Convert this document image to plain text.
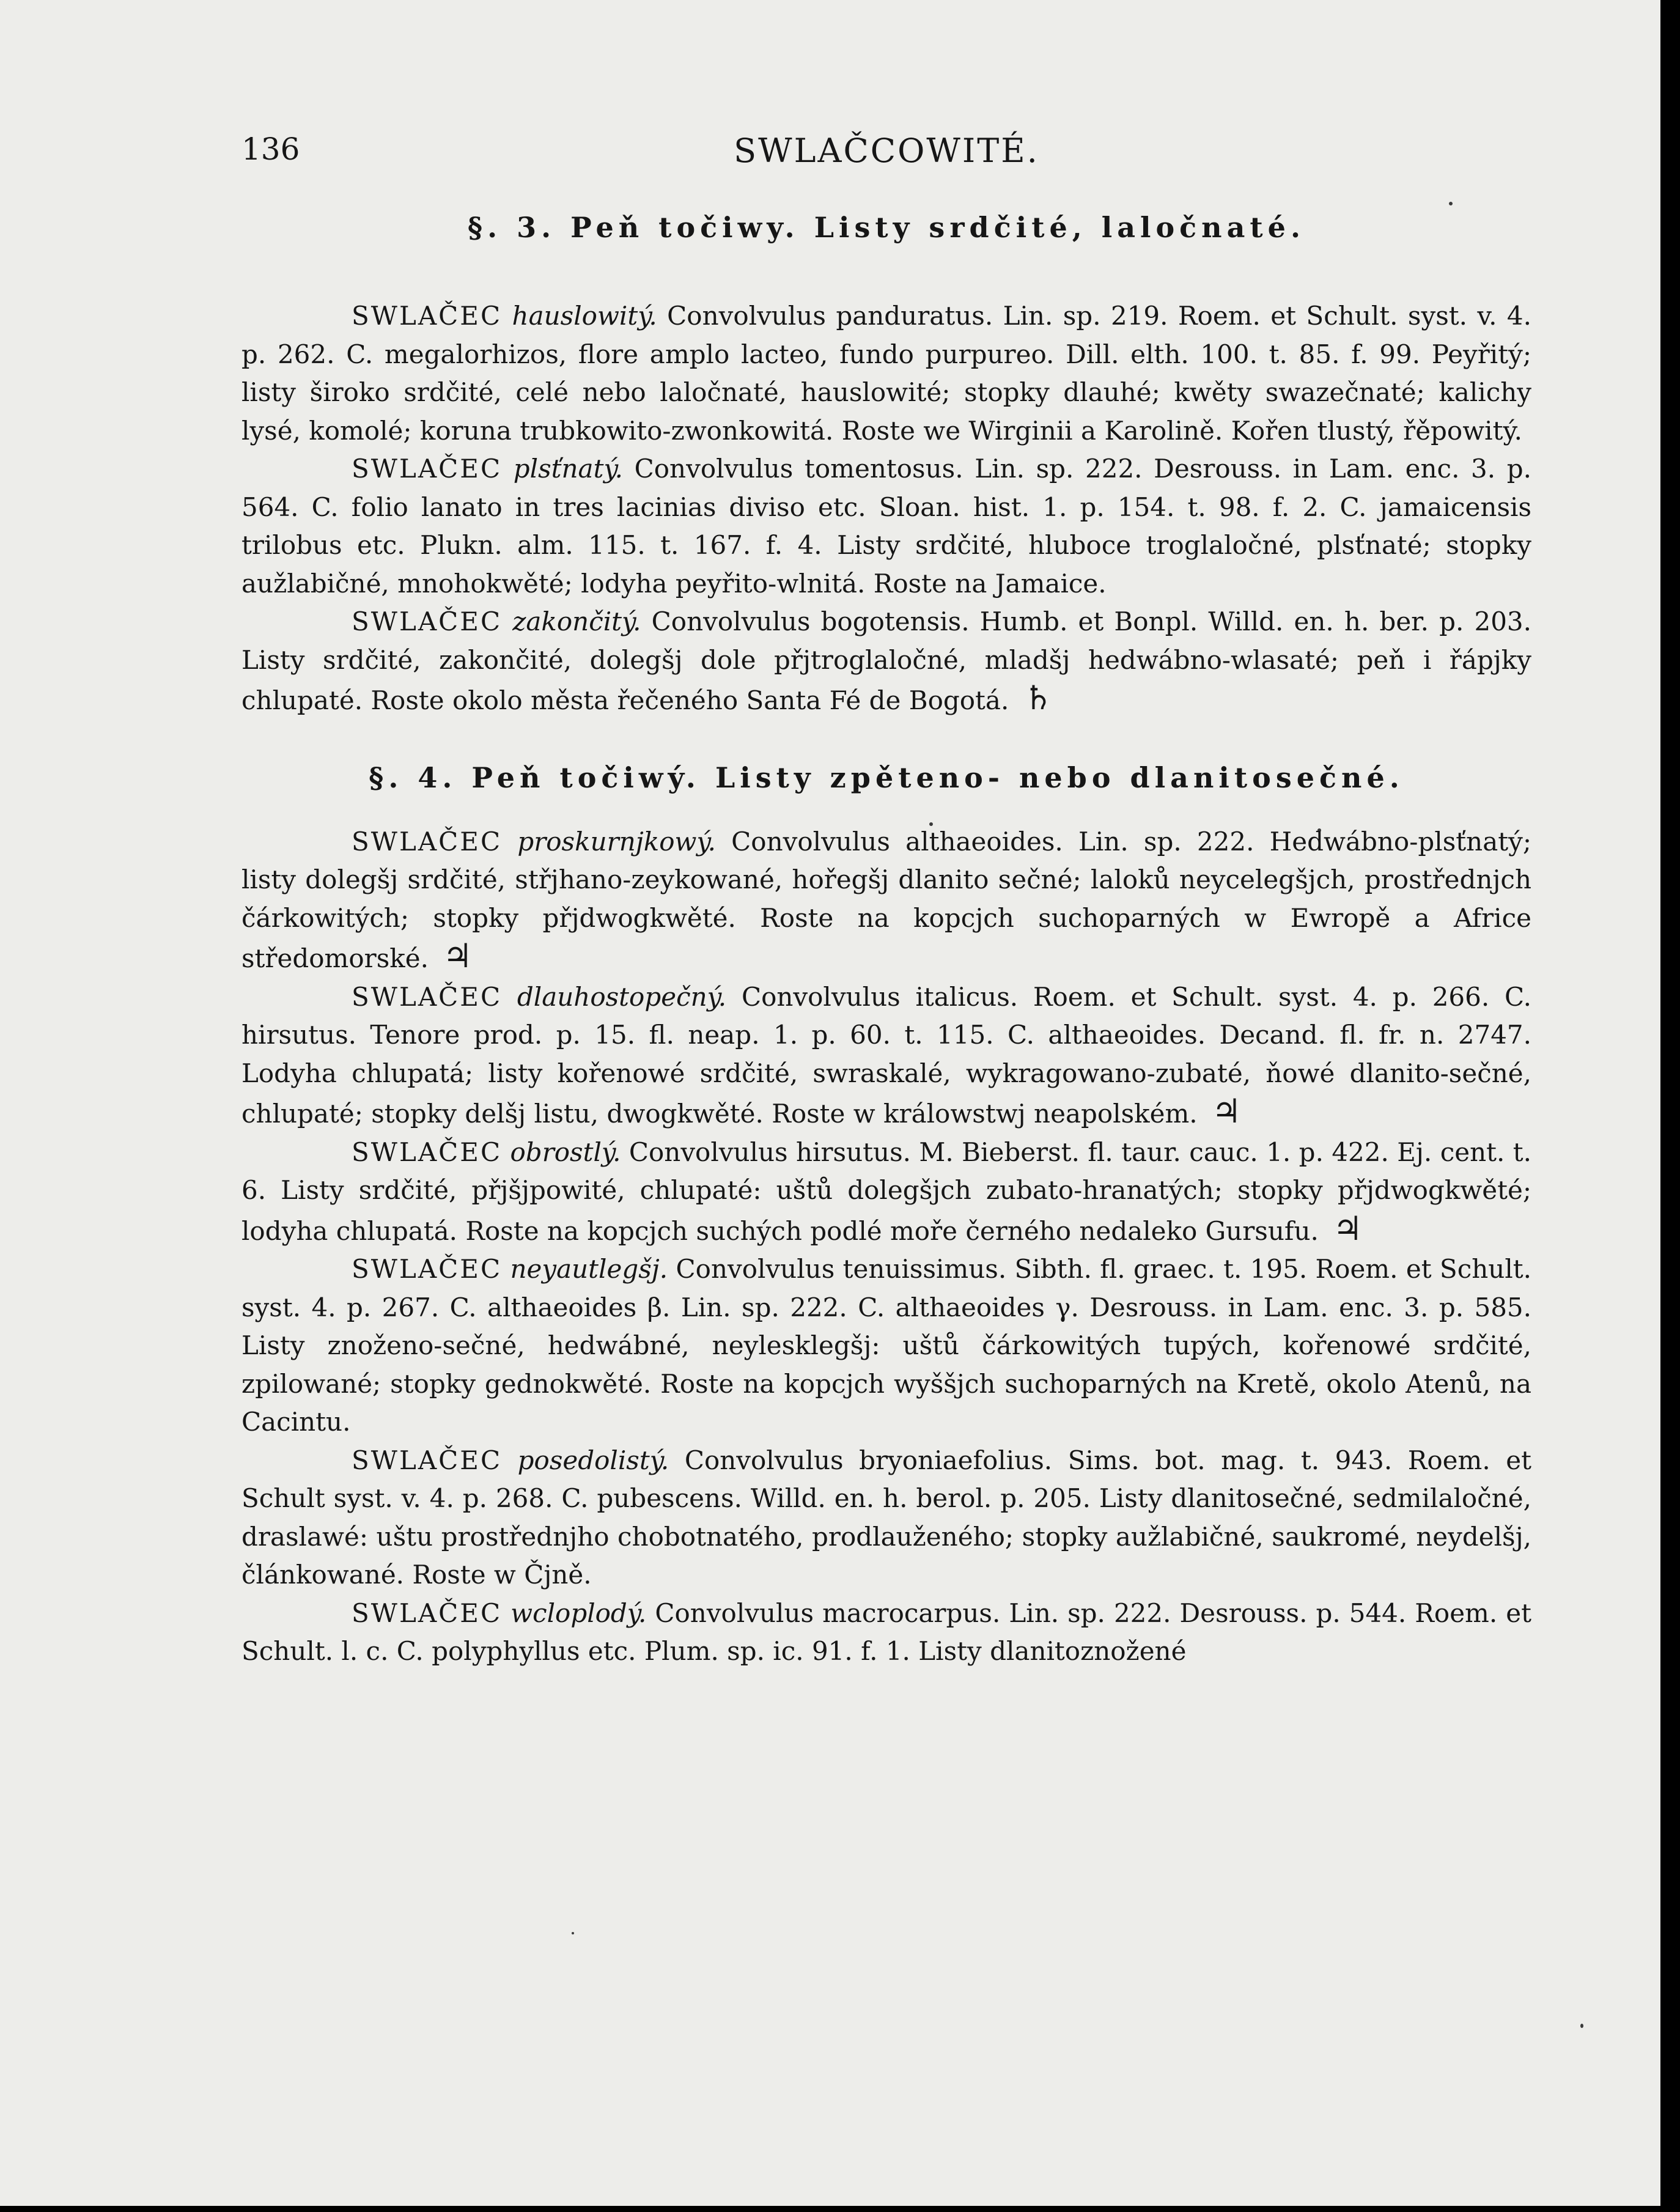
136	SWLAČCOWITÉ.
§. 3. Peň točiwy. Listy srdčité, laločnaté.

SWLAČEC hauslowitý. Convolvulus panduratus. Lin. sp. 219. Roem. et Schult. syst. v. 4. p. 262. C. megalorhizos, flore amplo lacteo, fundo purpureo. Dill. elth. 100. t. 85. f. 99. Peyřitý; listy široko srdčité, celé nebo laločnaté, hauslowité; stopky dlauhé; kwěty swazečnaté; kalichy lysé, komolé; koruna trubkowito-zwonkowitá. Roste we Wirginii a Karolině. Kořen tlustý, řěpowitý.

SWLAČEC plsťnatý. Convolvulus tomentosus. Lin. sp. 222. Desrouss. in Lam. enc. 3. p. 564. C. folio lanato in tres lacinias diviso etc. Sloan. hist. 1. p. 154. t. 98. f. 2. C. jamaicensis trilobus etc. Plukn. alm. 115. t. 167. f. 4. Listy srdčité, hluboce troglaločné, plsťnaté; stopky aužlabičné, mnohokwěté; lodyha peyřito-wlnitá. Roste na Jamaice.

SWLAČEC zakončitý. Convolvulus bogotensis. Humb. et Bonpl. Willd. en. h. ber. p. 203. Listy srdčité, zakončité, dolegšj dole přjtroglaločné, mladšj hedwábno-wlasaté; peň i řápjky chlupaté. Roste okolo města řečeného Santa Fé de Bogotá. ♄

§. 4. Peň točiwý. Listy zpěteno- nebo dlanitosečné.

SWLAČEC proskurnjkowý. Convolvulus althaeoides. Lin. sp. 222. Hedwábno-plsťnatý; listy dolegšj srdčité, střjhano-zeykowané, hořegšj dlanito sečné; laloků neycelegšjch, prostřednjch čárkowitých; stopky přjdwogkwěté. Roste na kopcjch suchoparných w Ewropě a Africe středomorské. ♃

SWLAČEC dlauhostopečný. Convolvulus italicus. Roem. et Schult. syst. 4. p. 266. C. hirsutus. Tenore prod. p. 15. fl. neap. 1. p. 60. t. 115. C. althaeoides. Decand. fl. fr. n. 2747. Lodyha chlupatá; listy kořenowé srdčité, swraskalé, wykragowano-zubaté, ňowé dlanito-sečné, chlupaté; stopky delšj listu, dwogkwěté. Roste w králowstwj neapolském. ♃

SWLAČEC obrostlý. Convolvulus hirsutus. M. Bieberst. fl. taur. cauc. 1. p. 422. Ej. cent. t. 6. Listy srdčité, přjšjpowité, chlupaté: uštů dolegšjch zubato-hranatých; stopky přjdwogkwěté; lodyha chlupatá. Roste na kopcjch suchých podlé moře černého nedaleko Gursufu. ♃

SWLAČEC neyautlegšj. Convolvulus tenuissimus. Sibth. fl. graec. t. 195. Roem. et Schult. syst. 4. p. 267. C. althaeoides β. Lin. sp. 222. C. althaeoides γ. Desrouss. in Lam. enc. 3. p. 585. Listy znoženo-sečné, hedwábné, neylesklegšj: uštů čárkowitých tupých, kořenowé srdčité, zpilowané; stopky gednokwěté. Roste na kopcjch wyššjch suchoparných na Kretě, okolo Atenů, na Cacintu.

SWLAČEC posedolistý. Convolvulus bryoniaefolius. Sims. bot. mag. t. 943. Roem. et Schult syst. v. 4. p. 268. C. pubescens. Willd. en. h. berol. p. 205. Listy dlanitosečné, sedmilaločné, draslawé: uštu prostřednjho chobotnatého, prodlauženého; stopky aužlabičné, saukromé, neydelšj, článkowané. Roste w Čjně.

SWLAČEC wcloplodý. Convolvulus macrocarpus. Lin. sp. 222. Desrouss. p. 544. Roem. et Schult. l. c. C. polyphyllus etc. Plum. sp. ic. 91. f. 1. Listy dlanitoznožené
